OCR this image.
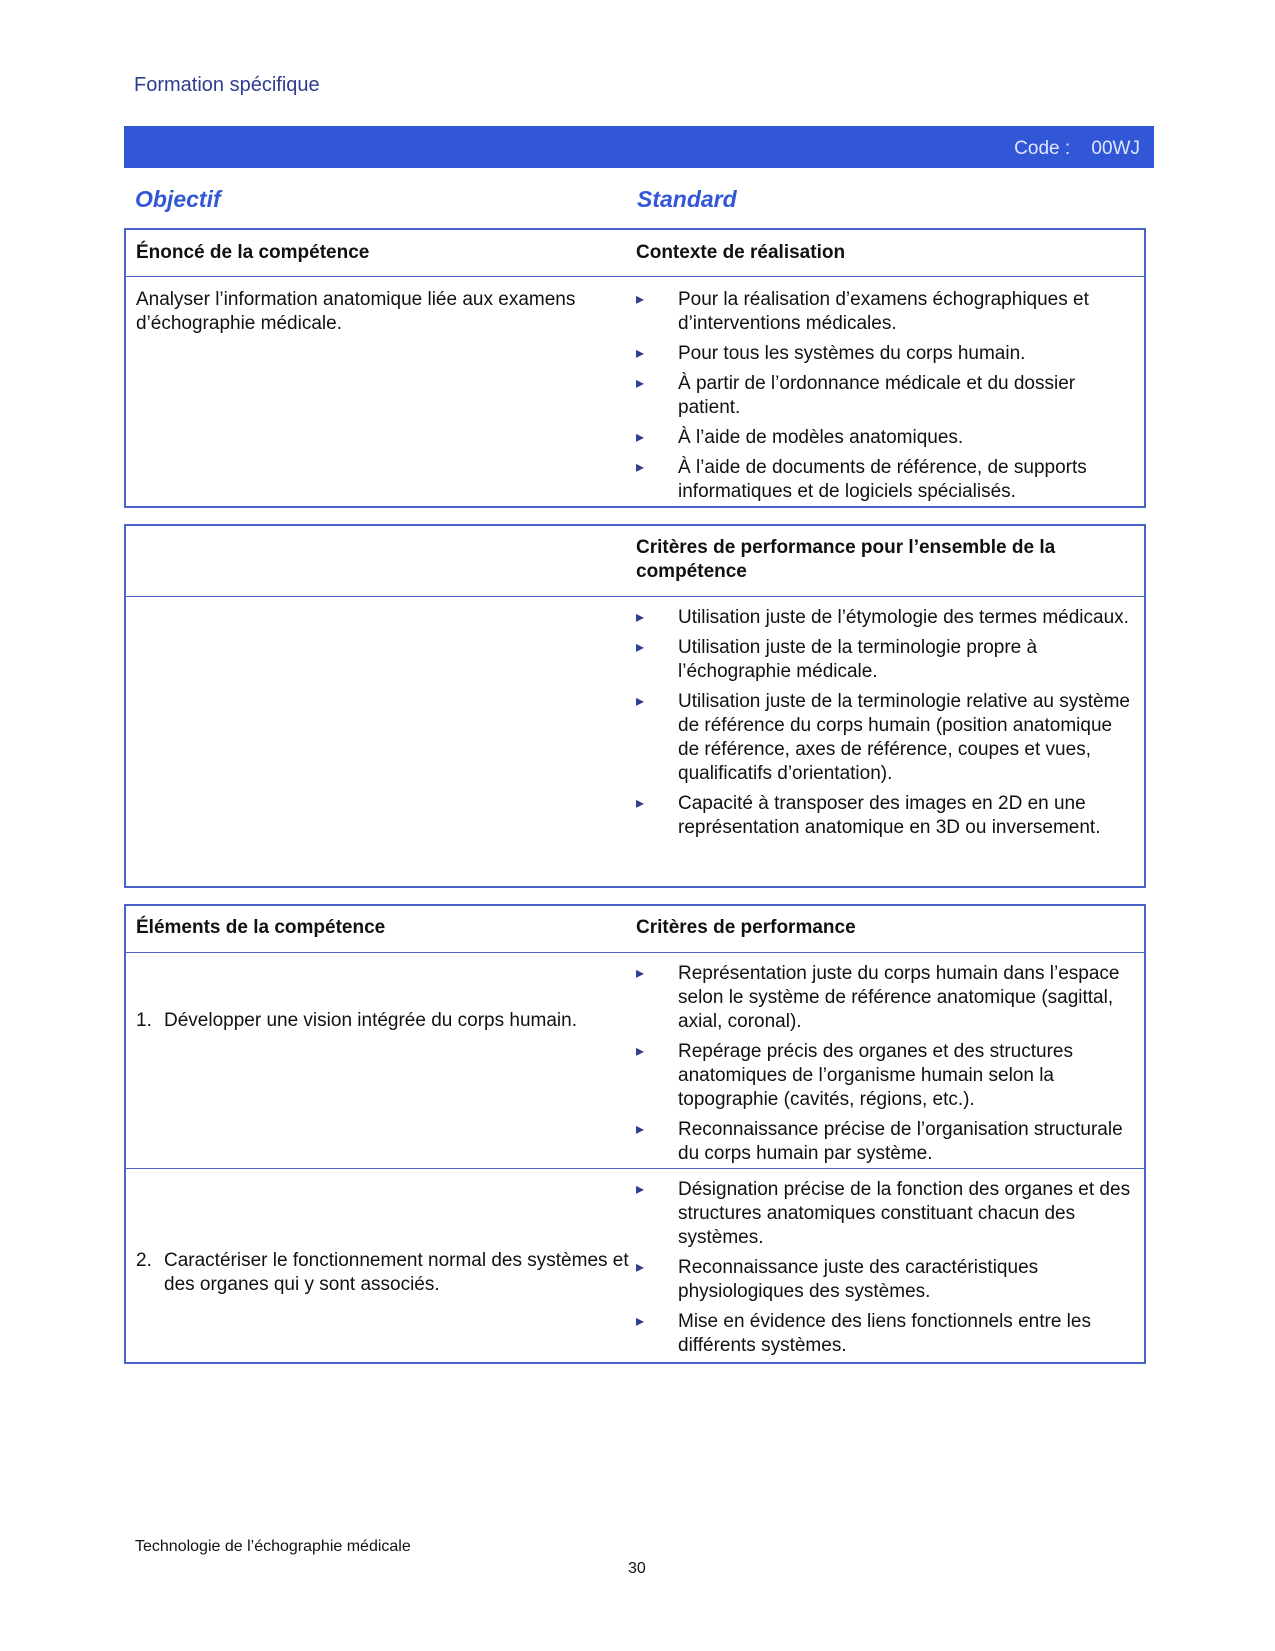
Formation spécifique
Code : 00WJ
Objectif	Standard
Énoncé de la compétence	Contexte de réalisation
Analyser l’information anatomique liée aux examens d’échographie médicale.
▸ Pour la réalisation d’examens échographiques et d’interventions médicales.
▸ Pour tous les systèmes du corps humain.
▸ À partir de l’ordonnance médicale et du dossier patient.
▸ À l’aide de modèles anatomiques.
▸ À l’aide de documents de référence, de supports informatiques et de logiciels spécialisés.
Critères de performance pour l’ensemble de la compétence
▸ Utilisation juste de l’étymologie des termes médicaux.
▸ Utilisation juste de la terminologie propre à l’échographie médicale.
▸ Utilisation juste de la terminologie relative au système de référence du corps humain (position anatomique de référence, axes de référence, coupes et vues, qualificatifs d’orientation).
▸ Capacité à transposer des images en 2D en une représentation anatomique en 3D ou inversement.
Éléments de la compétence	Critères de performance
1. Développer une vision intégrée du corps humain.
▸ Représentation juste du corps humain dans l’espace selon le système de référence anatomique (sagittal, axial, coronal).
▸ Repérage précis des organes et des structures anatomiques de l’organisme humain selon la topographie (cavités, régions, etc.).
▸ Reconnaissance précise de l’organisation structurale du corps humain par système.
2. Caractériser le fonctionnement normal des systèmes et des organes qui y sont associés.
▸ Désignation précise de la fonction des organes et des structures anatomiques constituant chacun des systèmes.
▸ Reconnaissance juste des caractéristiques physiologiques des systèmes.
▸ Mise en évidence des liens fonctionnels entre les différents systèmes.
Technologie de l’échographie médicale
30
